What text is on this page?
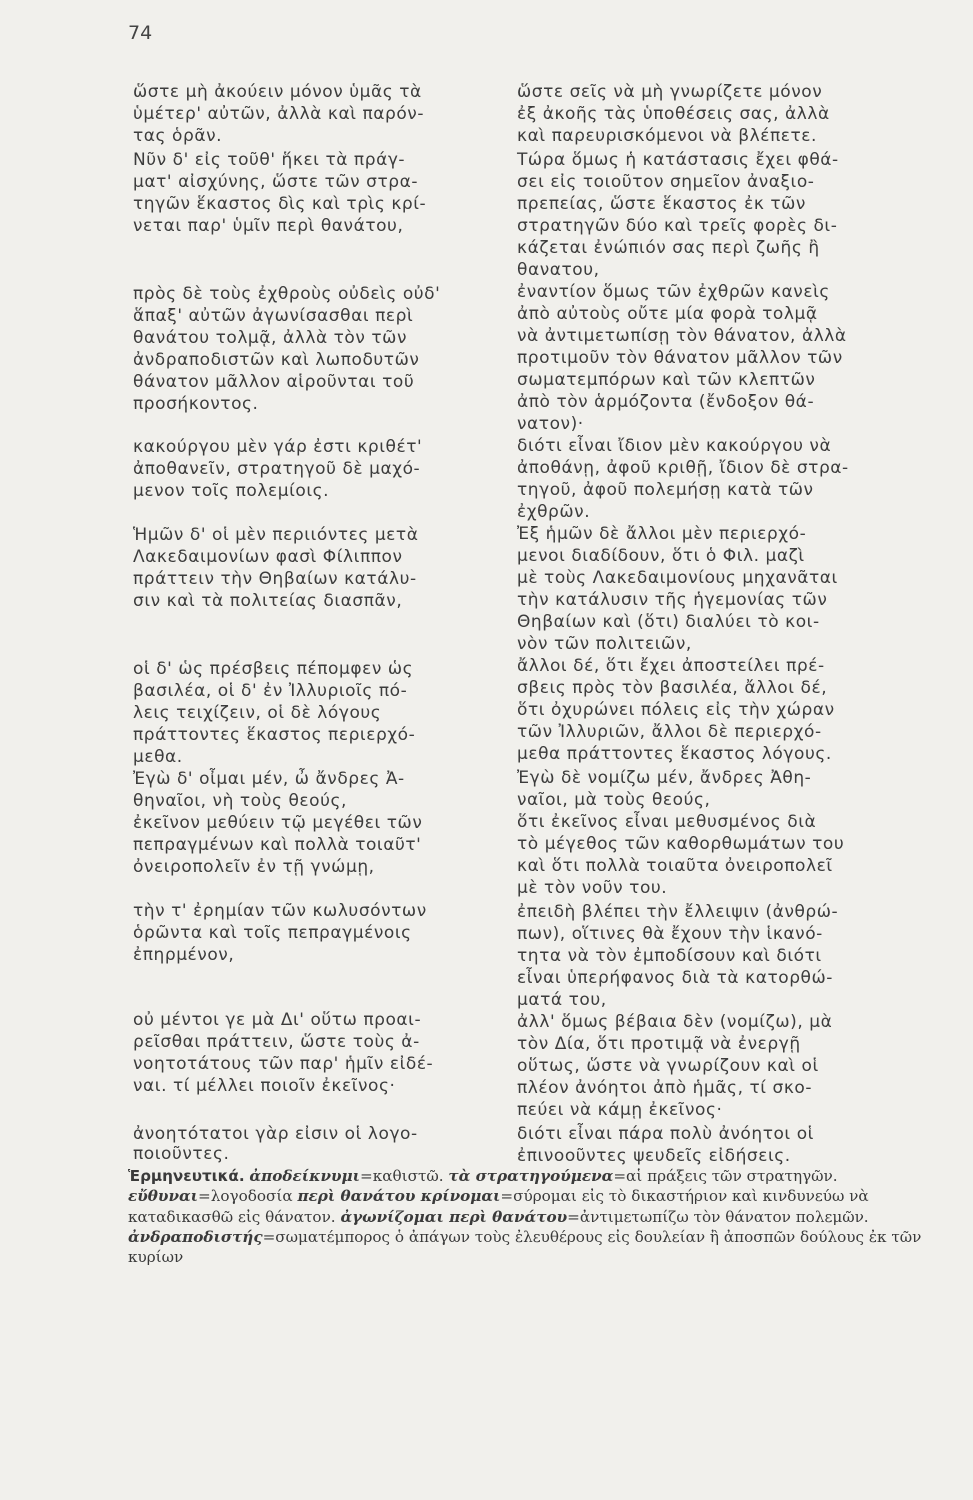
74
ὥστε μὴ ἀκούειν μόνον ὑμᾶς τὰ
ὑμέτερ' αὐτῶν, ἀλλὰ καὶ παρόν-
τας ὁρᾶν.
Νῦν δ' εἰς τοῦθ' ἥκει τὰ πράγ-
ματ' αἰσχύνης, ὥστε τῶν στρα-
τηγῶν ἕκαστος δὶς καὶ τρὶς κρί-
νεται παρ' ὑμῖν περὶ θανάτου,
πρὸς δὲ τοὺς ἐχθροὺς οὐδεὶς οὐδ'
ἅπαξ' αὐτῶν ἀγωνίσασθαι περὶ
θανάτου τολμᾷ, ἀλλὰ τὸν τῶν
ἀνδραποδιστῶν καὶ λωποδυτῶν
θάνατον μᾶλλον αἱροῦνται τοῦ
προσήκοντος.
κακούργου μὲν γάρ ἐστι κριθέτ'
ἀποθανεῖν, στρατηγοῦ δὲ μαχό-
μενον τοῖς πολεμίοις.
Ἡμῶν δ' οἱ μὲν περιιόντες μετὰ
Λακεδαιμονίων φασὶ Φίλιππον
πράττειν τὴν Θηβαίων κατάλυ-
σιν καὶ τὰ πολιτείας διασπᾶν,
οἱ δ' ὡς πρέσβεις πέπομφεν ὡς
βασιλέα, οἱ δ' ἐν Ἰλλυριοῖς πό-
λεις τειχίζειν, οἱ δὲ λόγους
πράττοντες ἕκαστος περιερχό-
μεθα.
Ἐγὼ δ' οἶμαι μέν, ὦ ἄνδρες Ἀ-
θηναῖοι, νὴ τοὺς θεούς,
ἐκεῖνον μεθύειν τῷ μεγέθει τῶν
πεπραγμένων καὶ πολλὰ τοιαῦτ'
ὀνειροπολεῖν ἐν τῇ γνώμῃ,
τὴν τ' ἐρημίαν τῶν κωλυσόντων
ὁρῶντα καὶ τοῖς πεπραγμένοις
ἐπηρμένον,
οὐ μέντοι γε μὰ Δι' οὕτω προαι-
ρεῖσθαι πράττειν, ὥστε τοὺς ἀ-
νοητοτάτους τῶν παρ' ἡμῖν εἰδέ-
ναι. τί μέλλει ποιοῖν ἐκεῖνος·
ἀνοητότατοι γὰρ εἰσιν οἱ λογο-
ποιοῦντες.
ὥστε σεῖς νὰ μὴ γνωρίζετε μόνον
ἐξ ἀκοῆς τὰς ὑποθέσεις σας, ἀλλὰ
καὶ παρευρισκόμενοι νὰ βλέπετε.
Τώρα ὅμως ἡ κατάστασις ἔχει φθά-
σει εἰς τοιοῦτον σημεῖον ἀναξιο-
πρεπείας, ὥστε ἕκαστος ἐκ τῶν
στρατηγῶν δύο καὶ τρεῖς φορὲς δι-
κάζεται ἐνώπιόν σας περὶ ζωῆς ἢ
θανατου,
ἐναντίον ὅμως τῶν ἐχθρῶν κανεὶς
ἀπὸ αὐτοὺς οὔτε μία φορὰ τολμᾷ
νὰ ἀντιμετωπίσῃ τὸν θάνατον, ἀλλὰ
προτιμοῦν τὸν θάνατον μᾶλλον τῶν
σωματεμπόρων καὶ τῶν κλεπτῶν
ἀπὸ τὸν ἁρμόζοντα (ἔνδοξον θά-
νατον)·
διότι εἶναι ἴδιον μὲν κακούργου νὰ
ἀποθάνῃ, ἀφοῦ κριθῇ, ἴδιον δὲ στρα-
τηγοῦ, ἀφοῦ πολεμήσῃ κατὰ τῶν
ἐχθρῶν.
Ἐξ ἡμῶν δὲ ἄλλοι μὲν περιερχό-
μενοι διαδίδουν, ὅτι ὁ Φιλ. μαζὶ
μὲ τοὺς Λακεδαιμονίους μηχανᾶται
τὴν κατάλυσιν τῆς ἡγεμονίας τῶν
Θηβαίων καὶ (ὅτι) διαλύει τὸ κοι-
νὸν τῶν πολιτειῶν,
ἄλλοι δέ, ὅτι ἔχει ἀποστείλει πρέ-
σβεις πρὸς τὸν βασιλέα, ἄλλοι δέ,
ὅτι ὀχυρώνει πόλεις εἰς τὴν χώραν
τῶν Ἰλλυριῶν, ἄλλοι δὲ περιερχό-
μεθα πράττοντες ἕκαστος λόγους.
Ἐγὼ δὲ νομίζω μέν, ἄνδρες Ἀθη-
ναῖοι, μὰ τοὺς θεούς,
ὅτι ἐκεῖνος εἶναι μεθυσμένος διὰ
τὸ μέγεθος τῶν καθορθωμάτων του
καὶ ὅτι πολλὰ τοιαῦτα ὀνειροπολεῖ
μὲ τὸν νοῦν του.
ἐπειδὴ βλέπει τὴν ἔλλειψιν (ἀνθρώ-
πων), οἵτινες θὰ ἔχουν τὴν ἱκανό-
τητα νὰ τὸν ἐμποδίσουν καὶ διότι
εἶναι ὑπερήφανος διὰ τὰ κατορθώ-
ματά του,
ἀλλ' ὅμως βέβαια δὲν (νομίζω), μὰ
τὸν Δία, ὅτι προτιμᾷ νὰ ἐνεργῇ
οὕτως, ὥστε νὰ γνωρίζουν καὶ οἱ
πλέον ἀνόητοι ἀπὸ ἡμᾶς, τί σκο-
πεύει νὰ κάμῃ ἐκεῖνος·
διότι εἶναι πάρα πολὺ ἀνόητοι οἱ
ἐπινοοῦντες ψευδεῖς εἰδήσεις.
Ἑρμηνευτικά. ἀποδείκνυμι=καθιστῶ. τὰ στρατηγούμενα=αἱ πράξεις τῶν στρατηγῶν.
εὔθυναι=λογοδοσία περὶ θανάτου κρίνομαι=σύρομαι εἰς τὸ δικαστήριον καὶ κινδυνεύω νὰ καταδικασθῶ εἰς θάνατον. ἀγωνίζομαι περὶ θανάτου=ἀντιμετωπίζω τὸν θάνατον πολεμῶν. ἀνδραποδιστής=σωματέμπορος ὁ ἀπάγων τοὺς ἐλευθέρους εἰς δουλείαν ἢ ἀποσπῶν δούλους ἐκ τῶν κυρίων
